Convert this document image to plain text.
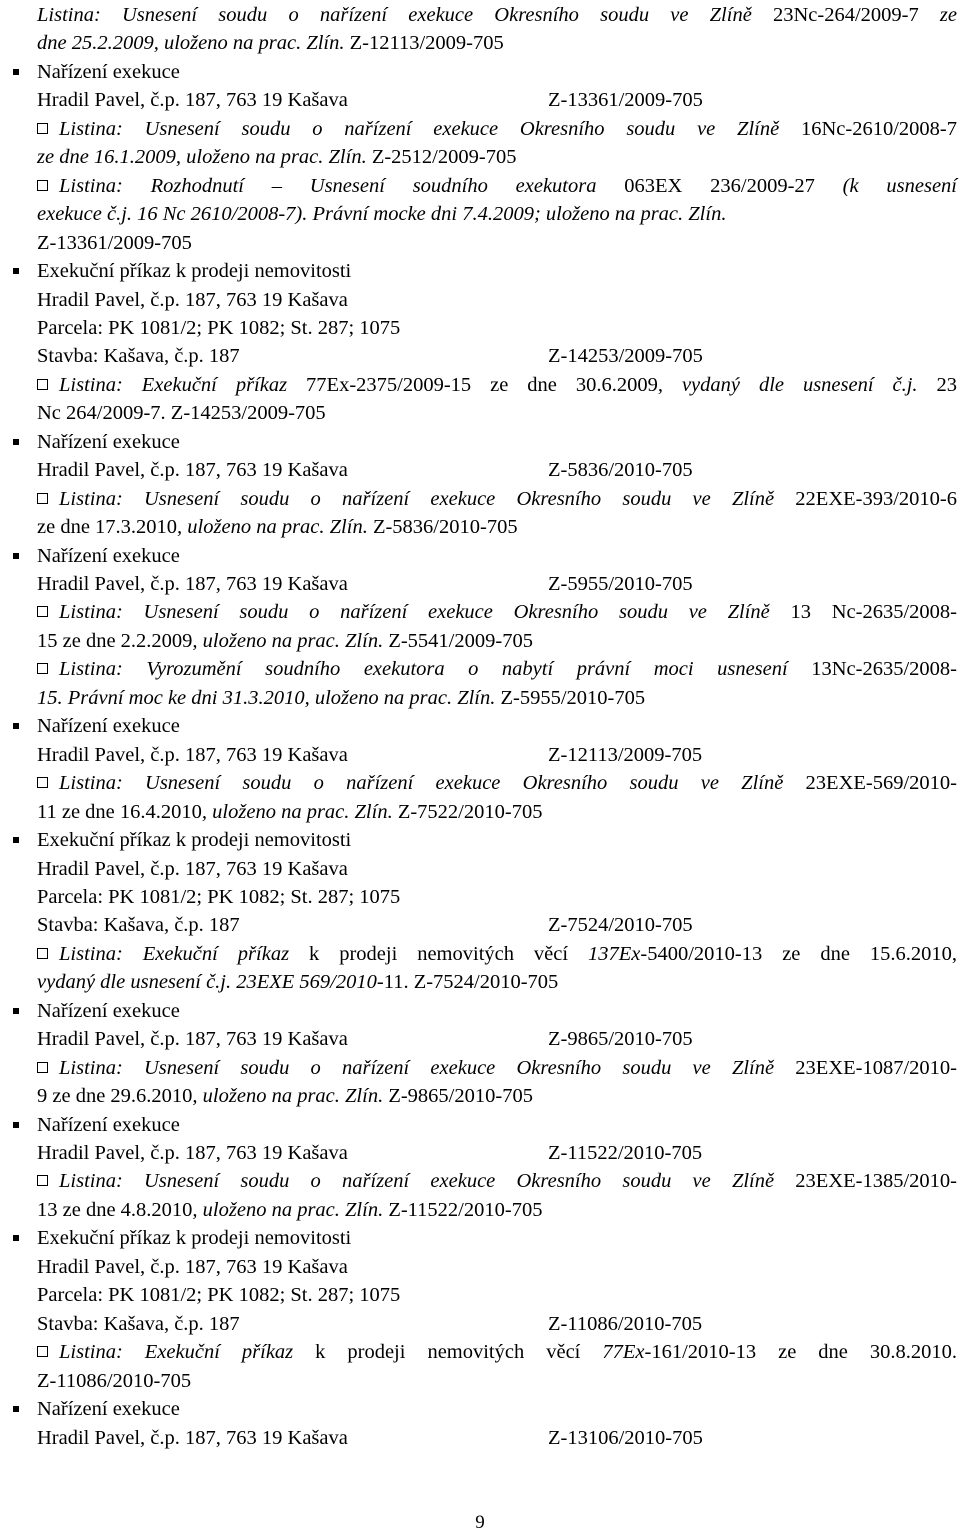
Listina: Usnesení soudu o nařízení exekuce Okresního soudu ve Zlíně 23Nc-264/2009-7 ze
dne 25.2.2009, uloženo na prac. Zlín. Z-12113/2009-705
Nařízení exekuce
Hradil Pavel, č.p. 187, 763 19 Kašava	Z-13361/2009-705
Listina: Usnesení soudu o nařízení exekuce Okresního soudu ve Zlíně 16Nc-2610/2008-7
ze dne 16.1.2009, uloženo na prac. Zlín. Z-2512/2009-705
Listina: Rozhodnutí – Usnesení soudního exekutora 063EX 236/2009-27 (k usnesení
exekuce č.j. 16 Nc 2610/2008-7). Právní mocke dni 7.4.2009; uloženo na prac. Zlín.
Z-13361/2009-705
Exekuční příkaz k prodeji nemovitosti
Hradil Pavel, č.p. 187, 763 19 Kašava
Parcela: PK 1081/2; PK 1082; St. 287; 1075
Stavba: Kašava, č.p. 187	Z-14253/2009-705
Listina: Exekuční příkaz 77Ex-2375/2009-15 ze dne 30.6.2009, vydaný dle usnesení č.j. 23
Nc 264/2009-7. Z-14253/2009-705
Nařízení exekuce
Hradil Pavel, č.p. 187, 763 19 Kašava	Z-5836/2010-705
Listina: Usnesení soudu o nařízení exekuce Okresního soudu ve Zlíně 22EXE-393/2010-6
ze dne 17.3.2010, uloženo na prac. Zlín. Z-5836/2010-705
Nařízení exekuce
Hradil Pavel, č.p. 187, 763 19 Kašava	Z-5955/2010-705
Listina: Usnesení soudu o nařízení exekuce Okresního soudu ve Zlíně 13 Nc-2635/2008-
15 ze dne 2.2.2009, uloženo na prac. Zlín. Z-5541/2009-705
Listina: Vyrozumění soudního exekutora o nabytí právní moci usnesení 13Nc-2635/2008-
15. Právní moc ke dni 31.3.2010, uloženo na prac. Zlín. Z-5955/2010-705
Nařízení exekuce
Hradil Pavel, č.p. 187, 763 19 Kašava	Z-12113/2009-705
Listina: Usnesení soudu o nařízení exekuce Okresního soudu ve Zlíně 23EXE-569/2010-
11 ze dne 16.4.2010, uloženo na prac. Zlín. Z-7522/2010-705
Exekuční příkaz k prodeji nemovitosti
Hradil Pavel, č.p. 187, 763 19 Kašava
Parcela: PK 1081/2; PK 1082; St. 287; 1075
Stavba: Kašava, č.p. 187	Z-7524/2010-705
Listina: Exekuční příkaz k prodeji nemovitých věcí 137Ex-5400/2010-13 ze dne 15.6.2010,
vydaný dle usnesení č.j. 23EXE 569/2010-11. Z-7524/2010-705
Nařízení exekuce
Hradil Pavel, č.p. 187, 763 19 Kašava	Z-9865/2010-705
Listina: Usnesení soudu o nařízení exekuce Okresního soudu ve Zlíně 23EXE-1087/2010-
9 ze dne 29.6.2010, uloženo na prac. Zlín. Z-9865/2010-705
Nařízení exekuce
Hradil Pavel, č.p. 187, 763 19 Kašava	Z-11522/2010-705
Listina: Usnesení soudu o nařízení exekuce Okresního soudu ve Zlíně 23EXE-1385/2010-
13 ze dne 4.8.2010, uloženo na prac. Zlín. Z-11522/2010-705
Exekuční příkaz k prodeji nemovitosti
Hradil Pavel, č.p. 187, 763 19 Kašava
Parcela: PK 1081/2; PK 1082; St. 287; 1075
Stavba: Kašava, č.p. 187	Z-11086/2010-705
Listina: Exekuční příkaz k prodeji nemovitých věcí 77Ex-161/2010-13 ze dne 30.8.2010.
Z-11086/2010-705
Nařízení exekuce
Hradil Pavel, č.p. 187, 763 19 Kašava	Z-13106/2010-705
9
